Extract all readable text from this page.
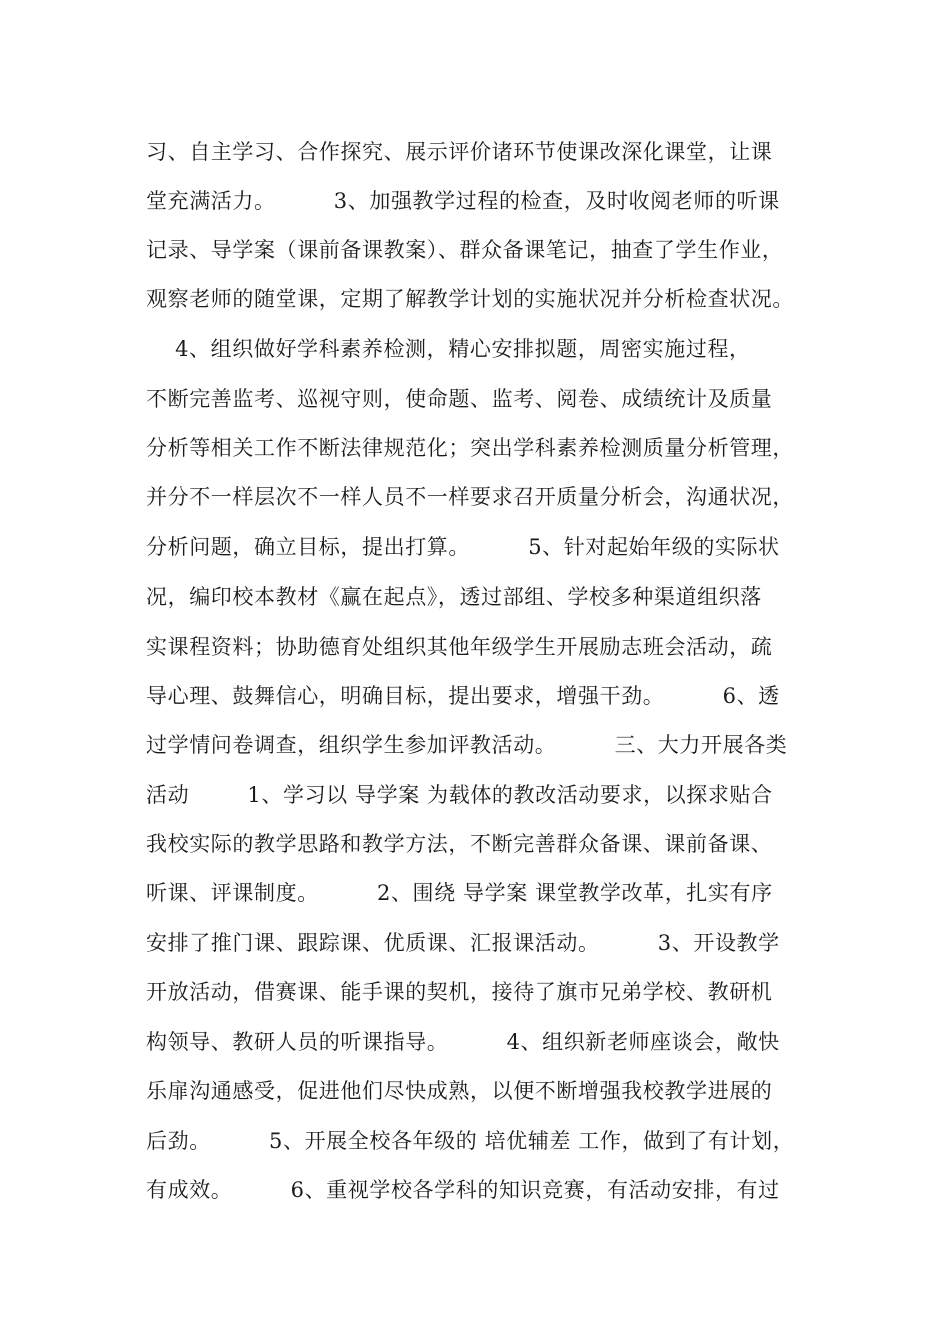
习、自主学习、合作探究、展示评价诸环节使课改深化课堂，让课
堂充满活力。        3、加强教学过程的检查，及时收阅老师的听课
记录、导学案（课前备课教案）、群众备课笔记，抽查了学生作业，
观察老师的随堂课，定期了解教学计划的实施状况并分析检查状况。
4、组织做好学科素养检测，精心安排拟题，周密实施过程，
不断完善监考、巡视守则，使命题、监考、阅卷、成绩统计及质量
分析等相关工作不断法律规范化；突出学科素养检测质量分析管理，
并分不一样层次不一样人员不一样要求召开质量分析会，沟通状况，
分析问题，确立目标，提出打算。        5、针对起始年级的实际状
况，编印校本教材《赢在起点》，透过部组、学校多种渠道组织落
实课程资料；协助德育处组织其他年级学生开展励志班会活动，疏
导心理、鼓舞信心，明确目标，提出要求，增强干劲。        6、透
过学情问卷调查，组织学生参加评教活动。        三、大力开展各类
活动        1、学习以 导学案 为载体的教改活动要求，以探求贴合
我校实际的教学思路和教学方法，不断完善群众备课、课前备课、
听课、评课制度。        2、围绕 导学案 课堂教学改革，扎实有序
安排了推门课、跟踪课、优质课、汇报课活动。        3、开设教学
开放活动，借赛课、能手课的契机，接待了旗市兄弟学校、教研机
构领导、教研人员的听课指导。        4、组织新老师座谈会，敞快
乐扉沟通感受，促进他们尽快成熟，以便不断增强我校教学进展的
后劲。        5、开展全校各年级的 培优辅差 工作，做到了有计划，
有成效。        6、重视学校各学科的知识竞赛，有活动安排，有过
